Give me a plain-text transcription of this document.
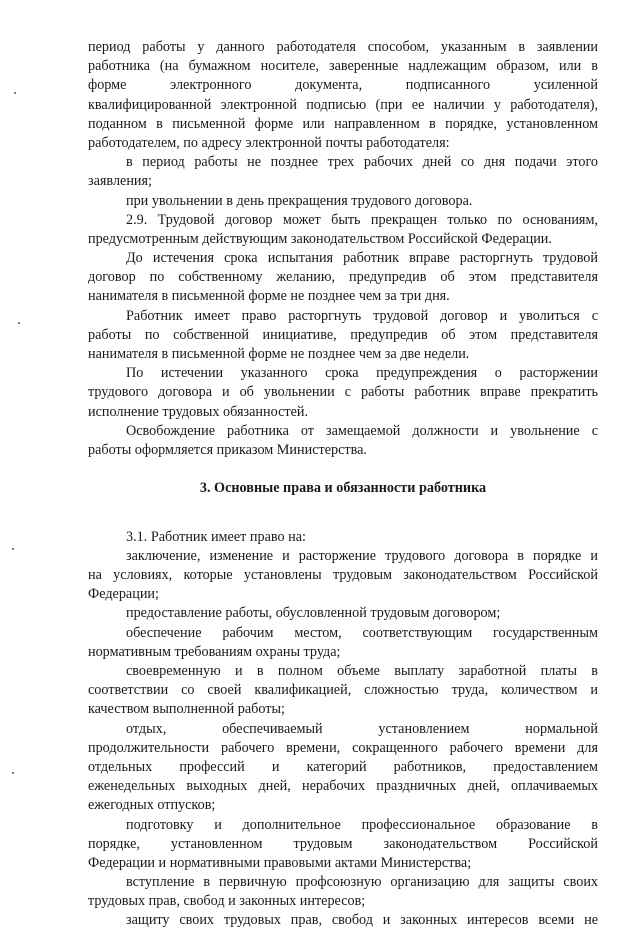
период работы у данного работодателя способом, указанным в заявлении
работника (на бумажном носителе, заверенные надлежащим образом, или в
форме электронного документа, подписанного усиленной
квалифицированной электронной подписью (при ее наличии у работодателя),
поданном в письменной форме или направленном в порядке, установленном
работодателем, по адресу электронной почты работодателя:
в период работы не позднее трех рабочих дней со дня подачи этого
заявления;
при увольнении в день прекращения трудового договора.
2.9. Трудовой договор может быть прекращен только по основаниям,
предусмотренным действующим законодательством Российской Федерации.
До истечения срока испытания работник вправе расторгнуть трудовой
договор по собственному желанию, предупредив об этом представителя
нанимателя в письменной форме не позднее чем за три дня.
Работник имеет право расторгнуть трудовой договор и уволиться с
работы по собственной инициативе, предупредив об этом представителя
нанимателя в письменной форме не позднее чем за две недели.
По истечении указанного срока предупреждения о расторжении
трудового договора и об увольнении с работы работник вправе прекратить
исполнение трудовых обязанностей.
Освобождение работника от замещаемой должности и увольнение с
работы оформляется приказом Министерства.
3. Основные права и обязанности работника
3.1. Работник имеет право на:
заключение, изменение и расторжение трудового договора в порядке и
на условиях, которые установлены трудовым законодательством Российской
Федерации;
предоставление работы, обусловленной трудовым договором;
обеспечение рабочим местом, соответствующим государственным
нормативным требованиям охраны труда;
своевременную и в полном объеме выплату заработной платы в
соответствии со своей квалификацией, сложностью труда, количеством и
качеством выполненной работы;
отдых, обеспечиваемый установлением нормальной
продолжительности рабочего времени, сокращенного рабочего времени для
отдельных профессий и категорий работников, предоставлением
еженедельных выходных дней, нерабочих праздничных дней, оплачиваемых
ежегодных отпусков;
подготовку и дополнительное профессиональное образование в
порядке, установленном трудовым законодательством Российской
Федерации и нормативными правовыми актами Министерства;
вступление в первичную профсоюзную организацию для защиты своих
трудовых прав, свобод и законных интересов;
защиту своих трудовых прав, свобод и законных интересов всеми не
